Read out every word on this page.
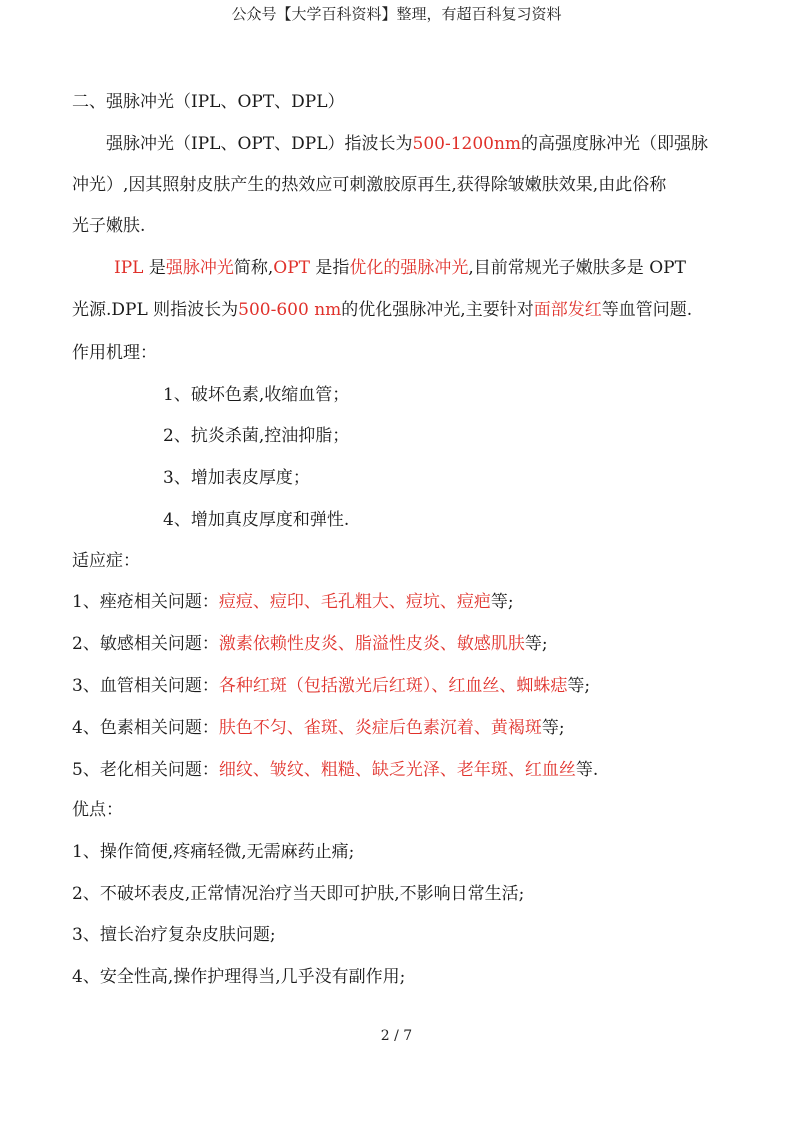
公众号【大学百科资料】整理，有超百科复习资料
二、强脉冲光（IPL、OPT、DPL）
强脉冲光（IPL、OPT、DPL）指波长为500-1200nm的高强度脉冲光（即强脉
冲光）,因其照射皮肤产生的热效应可刺激胶原再生,获得除皱嫩肤效果,由此俗称
光子嫩肤.
IPL 是强脉冲光简称,OPT 是指优化的强脉冲光,目前常规光子嫩肤多是 OPT
光源.DPL 则指波长为500-600 nm的优化强脉冲光,主要针对面部发红等血管问题.
作用机理：
1、破坏色素,收缩血管；
2、抗炎杀菌,控油抑脂；
3、增加表皮厚度；
4、增加真皮厚度和弹性.
适应症：
1、痤疮相关问题：痘痘、痘印、毛孔粗大、痘坑、痘疤等;
2、敏感相关问题：激素依赖性皮炎、脂溢性皮炎、敏感肌肤等;
3、血管相关问题：各种红斑（包括激光后红斑）、红血丝、蜘蛛痣等;
4、色素相关问题：肤色不匀、雀斑、炎症后色素沉着、黄褐斑等;
5、老化相关问题：细纹、皱纹、粗糙、缺乏光泽、老年斑、红血丝等.
优点：
1、操作简便,疼痛轻微,无需麻药止痛;
2、不破坏表皮,正常情况治疗当天即可护肤,不影响日常生活;
3、擅长治疗复杂皮肤问题;
4、安全性高,操作护理得当,几乎没有副作用;
2 / 7
